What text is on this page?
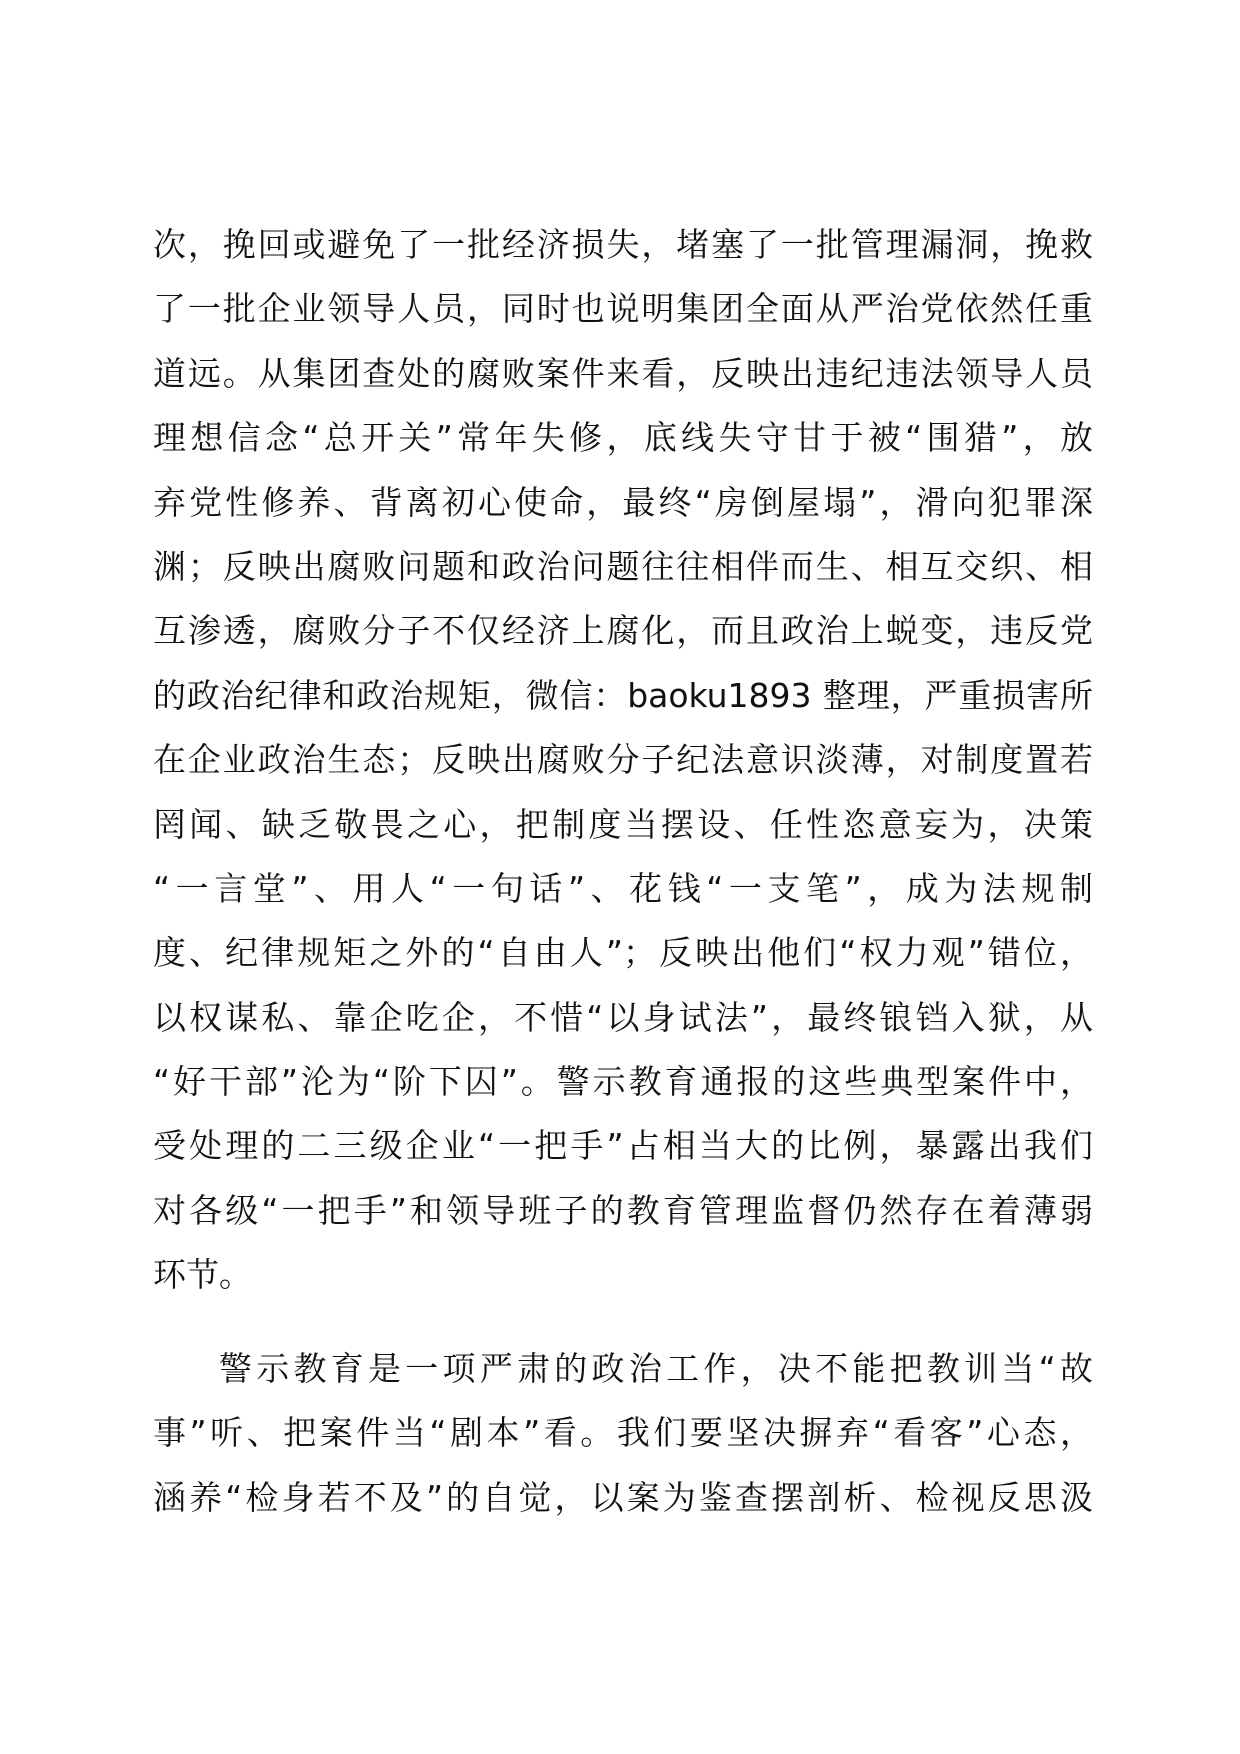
次，挽回或避免了一批经济损失，堵塞了一批管理漏洞，挽救
了一批企业领导人员，同时也说明集团全面从严治党依然任重
道远。从集团查处的腐败案件来看，反映出违纪违法领导人员
理想信念“总开关”常年失修，底线失守甘于被“围猎”，放
弃党性修养、背离初心使命，最终“房倒屋塌”，滑向犯罪深
渊；反映出腐败问题和政治问题往往相伴而生、相互交织、相
互渗透，腐败分子不仅经济上腐化，而且政治上蜕变，违反党
的政治纪律和政治规矩，微信：baoku1893 整理，严重损害所
在企业政治生态；反映出腐败分子纪法意识淡薄，对制度置若
罔闻、缺乏敬畏之心，把制度当摆设、任性恣意妄为，决策
“一言堂”、用人“一句话”、花钱“一支笔”，成为法规制
度、纪律规矩之外的“自由人”；反映出他们“权力观”错位，
以权谋私、靠企吃企，不惜“以身试法”，最终锒铛入狱，从
“好干部”沦为“阶下囚”。警示教育通报的这些典型案件中，
受处理的二三级企业“一把手”占相当大的比例，暴露出我们
对各级“一把手”和领导班子的教育管理监督仍然存在着薄弱
环节。
警示教育是一项严肃的政治工作，决不能把教训当“故
事”听、把案件当“剧本”看。我们要坚决摒弃“看客”心态，
涵养“检身若不及”的自觉，以案为鉴查摆剖析、检视反思汲
